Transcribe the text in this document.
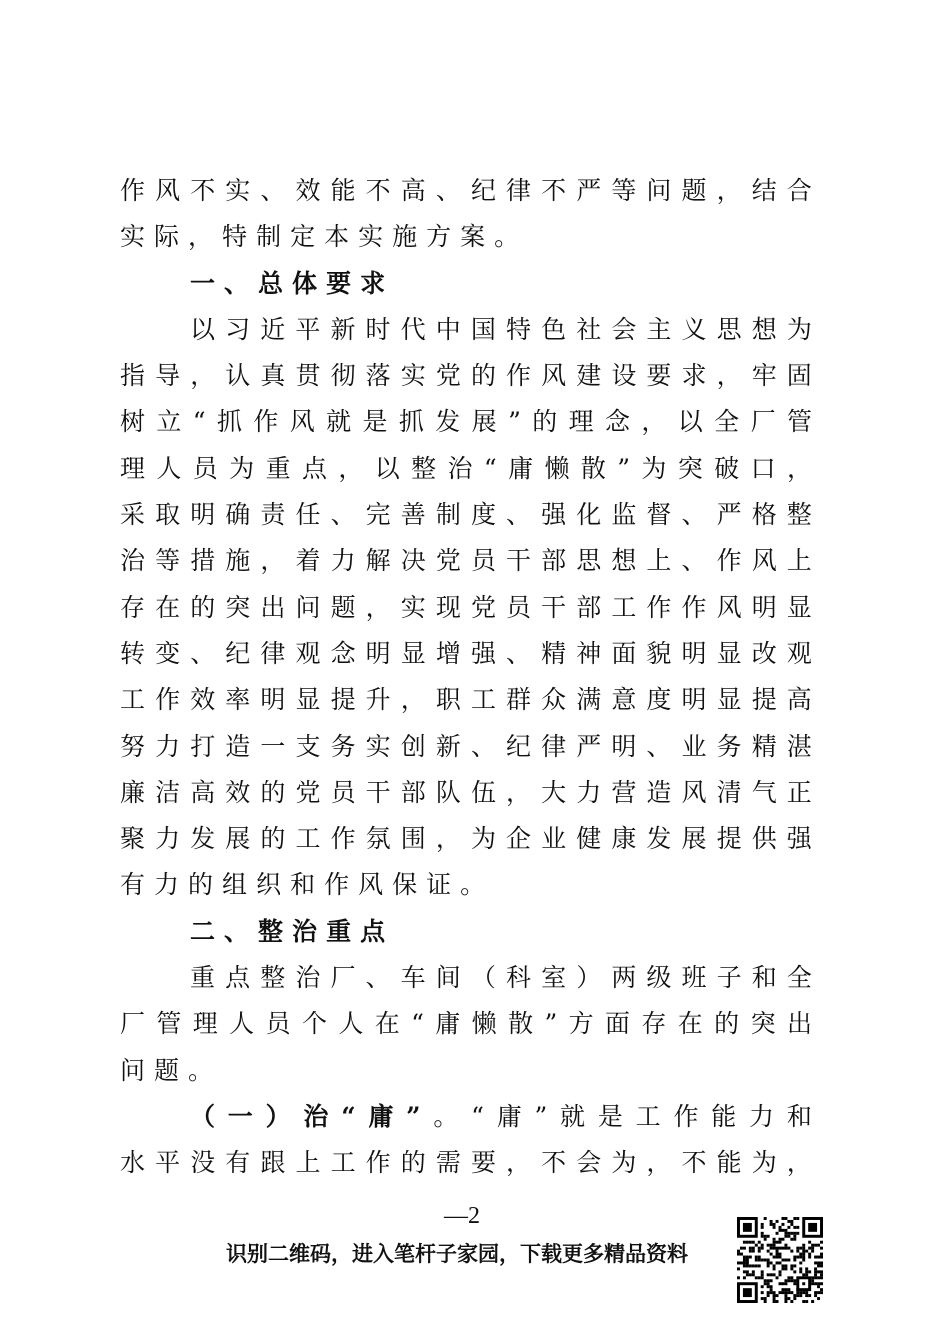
作 风 不 实 、 效 能 不 高 、 纪 律 不 严 等 问 题 ， 结 合
实 际 ， 特 制 定 本 实 施 方 案 。
一 、 总 体 要 求
以 习 近 平 新 时 代 中 国 特 色 社 会 主 义 思 想 为
指 导 ， 认 真 贯 彻 落 实 党 的 作 风 建 设 要 求 ， 牢 固
树 立 “ 抓 作 风 就 是 抓 发 展 ” 的 理 念 ， 以 全 厂 管
理 人 员 为 重 点 ， 以 整 治 “ 庸 懒 散 ” 为 突 破 口 ，
采 取 明 确 责 任 、 完 善 制 度 、 强 化 监 督 、 严 格 整
治 等 措 施 ， 着 力 解 决 党 员 干 部 思 想 上 、 作 风 上
存 在 的 突 出 问 题 ， 实 现 党 员 干 部 工 作 作 风 明 显
转 变 、 纪 律 观 念 明 显 增 强 、 精 神 面 貌 明 显 改 观
工 作 效 率 明 显 提 升 ， 职 工 群 众 满 意 度 明 显 提 高
努 力 打 造 一 支 务 实 创 新 、 纪 律 严 明 、 业 务 精 湛
廉 洁 高 效 的 党 员 干 部 队 伍 ， 大 力 营 造 风 清 气 正
聚 力 发 展 的 工 作 氛 围 ， 为 企 业 健 康 发 展 提 供 强
有 力 的 组 织 和 作 风 保 证 。
二 、 整 治 重 点
重 点 整 治 厂 、 车 间 （ 科 室 ） 两 级 班 子 和 全
厂 管 理 人 员 个 人 在 “ 庸 懒 散 ” 方 面 存 在 的 突 出
问 题 。
（ 一 ） 治 “ 庸 ” 。 “ 庸 ” 就 是 工 作 能 力 和
水 平 没 有 跟 上 工 作 的 需 要 ， 不 会 为 ， 不 能 为 ，
—2
识别二维码，进入笔杆子家园，下载更多精品资料
